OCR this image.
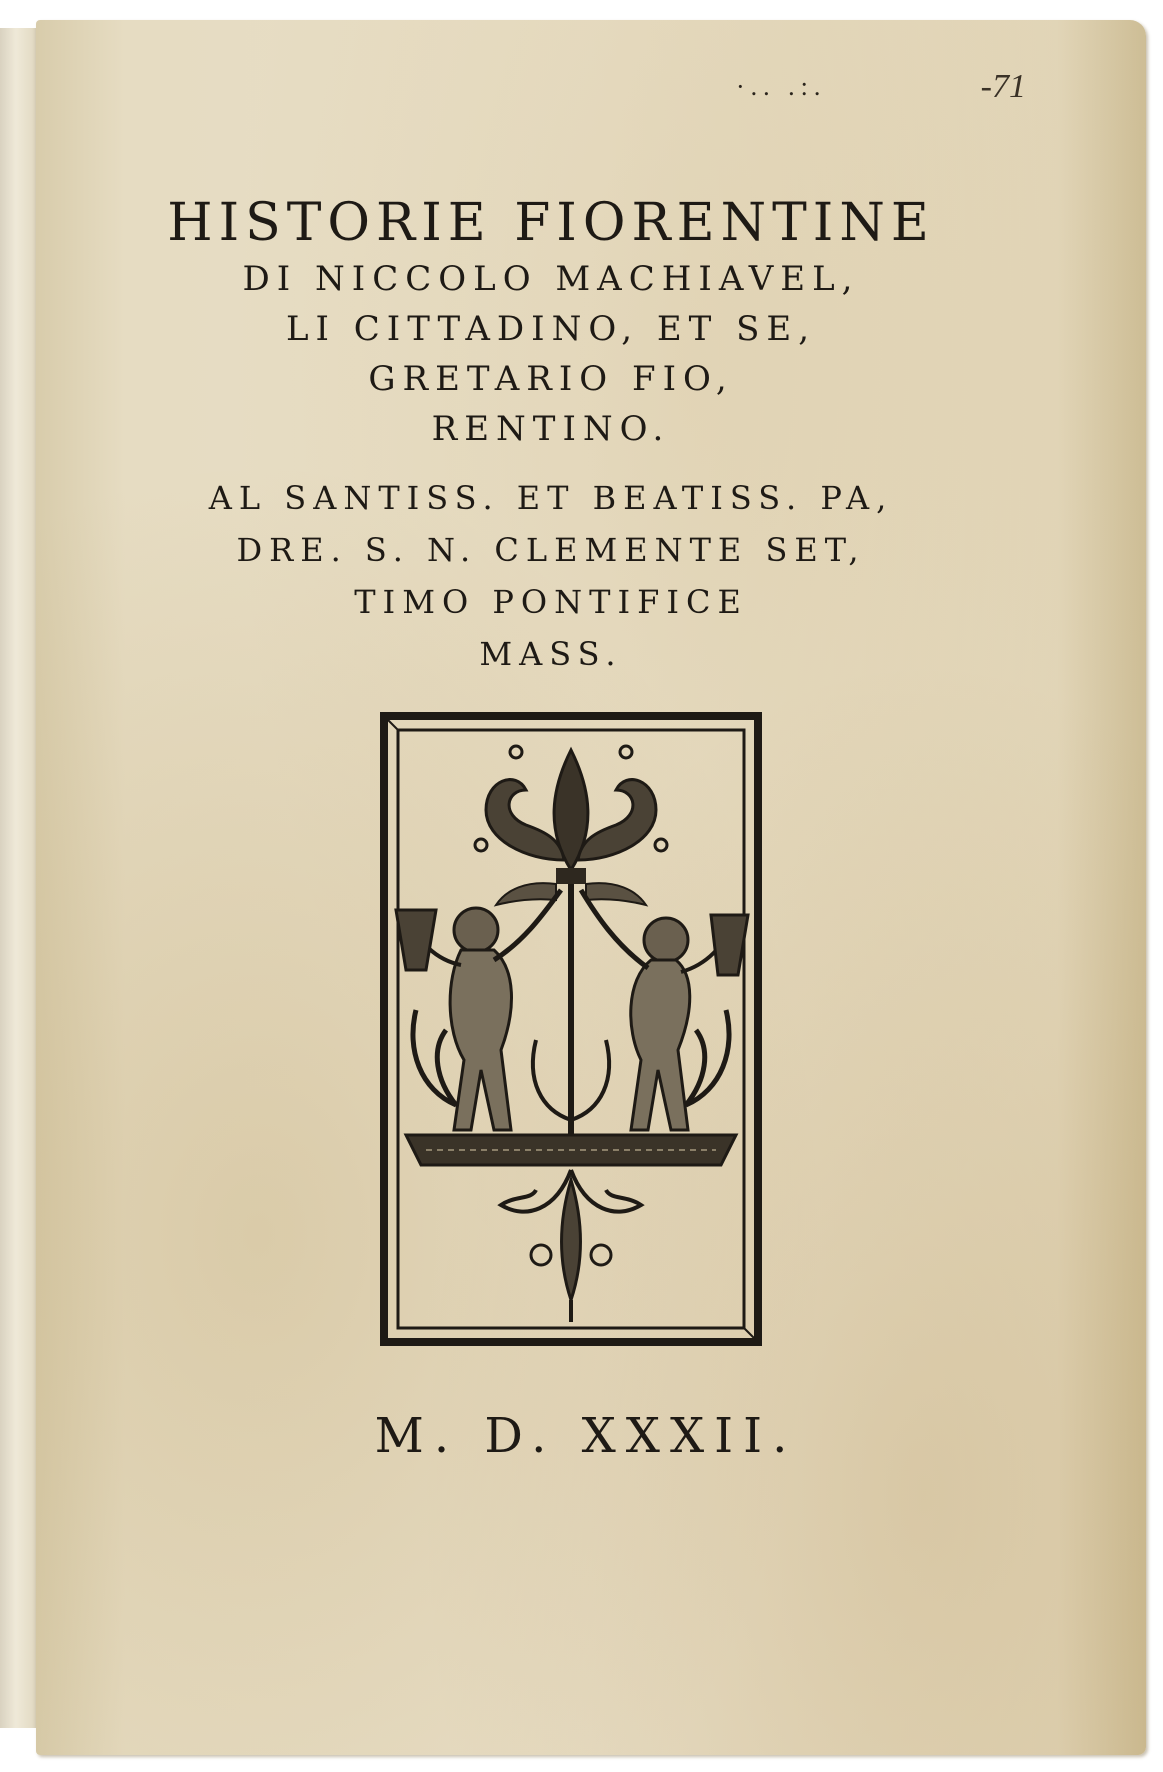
·.. .:.	-71
HISTORIE FIORENTINE
DI NICCOLO MACHIAVEL,
LI CITTADINO, ET SE,
GRETARIO FIO,
RENTINO.
AL SANTISS. ET BEATISS. PA,
DRE. S. N. CLEMENTE SET,
TIMO PONTIFICE
MASS.
M. D. XXXII.
